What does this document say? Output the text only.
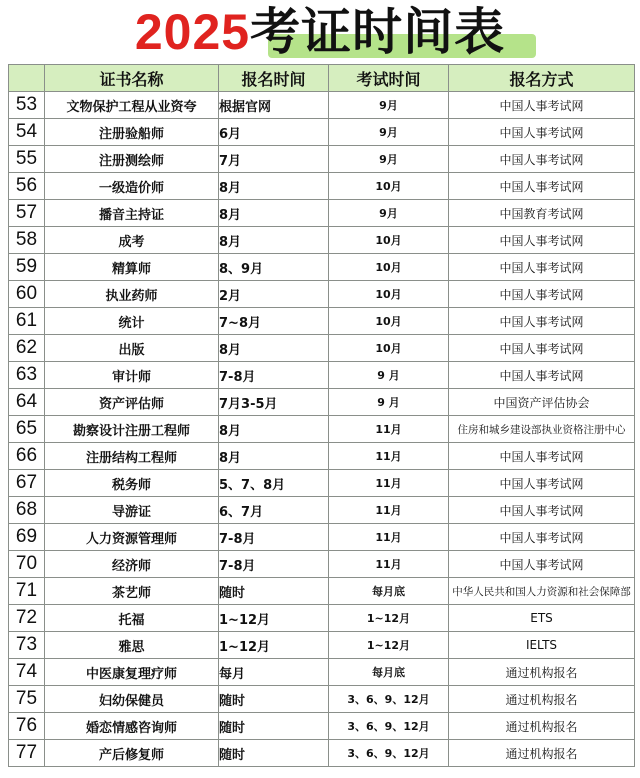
2025考证时间表
	证书名称	报名时间	考试时间	报名方式
53	文物保护工程从业资夸	根据官网	9月	中国人事考试网
54	注册验船师	6月	9月	中国人事考试网
55	注册测绘师	7月	9月	中国人事考试网
56	一级造价师	8月	10月	中国人事考试网
57	播音主持证	8月	9月	中国教育考试网
58	成考	8月	10月	中国人事考试网
59	精算师	8、9月	10月	中国人事考试网
60	执业药师	2月	10月	中国人事考试网
61	统计	7~8月	10月	中国人事考试网
62	出版	8月	10月	中国人事考试网
63	审计师	7-8月	9 月	中国人事考试网
64	资产评估师	7月3-5月	9 月	中国资产评估协会
65	勘察设计注册工程师	8月	11月	住房和城乡建设部执业资格注册中心
66	注册结构工程师	8月	11月	中国人事考试网
67	税务师	5、7、8月	11月	中国人事考试网
68	导游证	6、7月	11月	中国人事考试网
69	人力资源管理师	7-8月	11月	中国人事考试网
70	经济师	7-8月	11月	中国人事考试网
71	茶艺师	随时	每月底	中华人民共和国人力资源和社会保障部
72	托福	1~12月	1~12月	ETS
73	雅思	1~12月	1~12月	IELTS
74	中医康复理疗师	每月	每月底	通过机构报名
75	妇幼保健员	随时	3、6、9、12月	通过机构报名
76	婚恋情感咨询师	随时	3、6、9、12月	通过机构报名
77	产后修复师	随时	3、6、9、12月	通过机构报名
